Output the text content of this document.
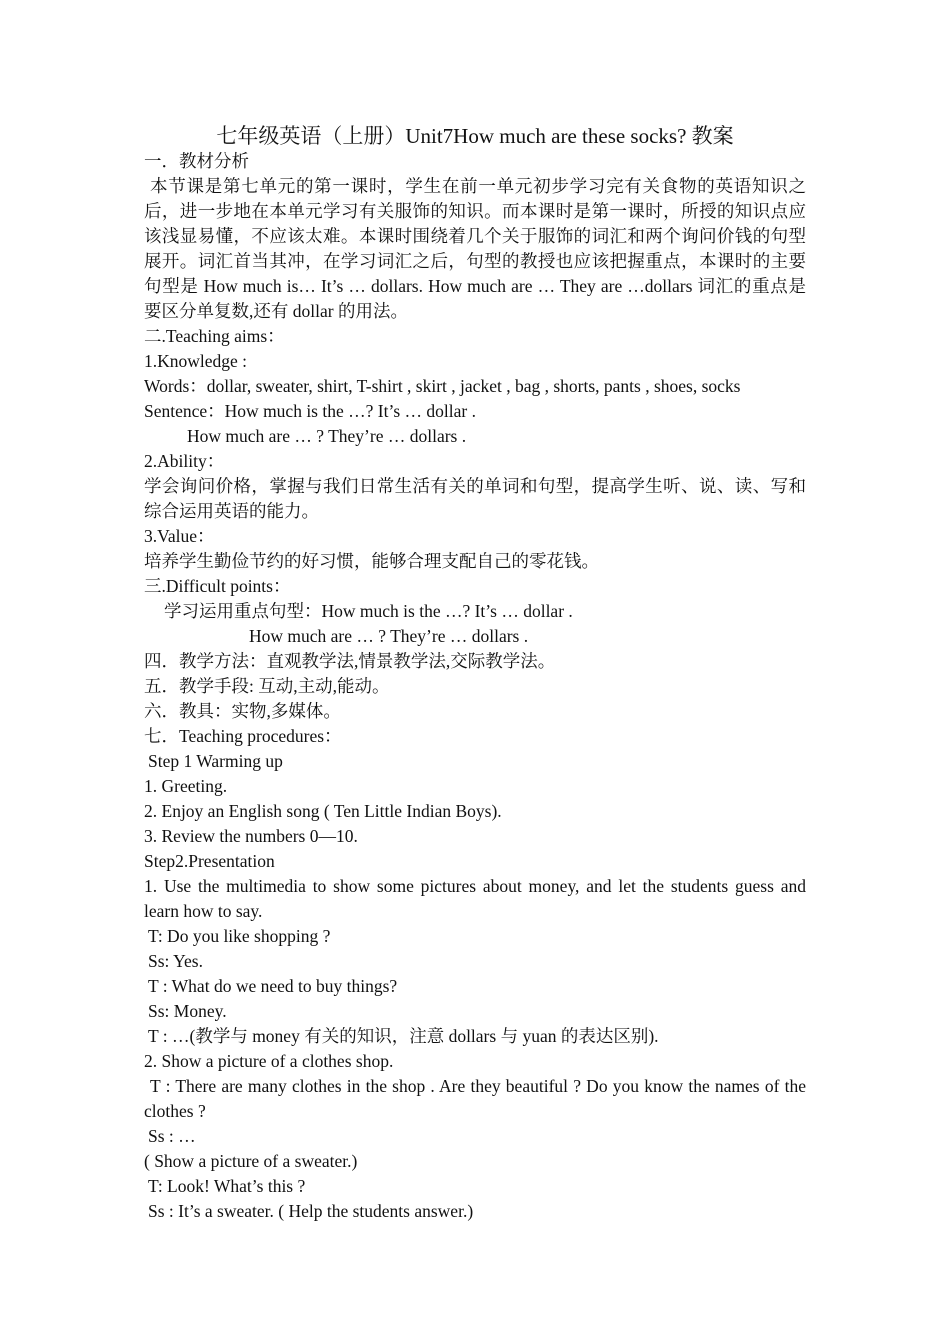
七年级英语（上册）Unit7How much are these socks? 教案
一．教材分析

本节课是第七单元的第一课时，学生在前一单元初步学习完有关食物的英语知识之后，进一步地在本单元学习有关服饰的知识。而本课时是第一课时，所授的知识点应该浅显易懂，不应该太难。本课时围绕着几个关于服饰的词汇和两个询问价钱的句型展开。词汇首当其冲，在学习词汇之后，句型的教授也应该把握重点，本课时的主要句型是 How much is… It’s … dollars. How much are … They are …dollars 词汇的重点是要区分单复数,还有 dollar 的用法。

二.Teaching aims：
1.Knowledge :
Words：dollar, sweater, shirt, T-shirt , skirt , jacket , bag , shorts, pants , shoes, socks
Sentence：How much is the …? It’s … dollar .
How much are … ? They’re … dollars .
2.Ability：

学会询问价格，掌握与我们日常生活有关的单词和句型，提高学生听、说、读、写和综合运用英语的能力。

3.Value：
培养学生勤俭节约的好习惯，能够合理支配自己的零花钱。
三.Difficult points：
学习运用重点句型：How much is the …? It’s … dollar .
How much are … ? They’re … dollars .
四．教学方法：直观教学法,情景教学法,交际教学法。
五．教学手段: 互动,主动,能动。
六．教具：实物,多媒体。
七．Teaching procedures：
Step 1 Warming up
1. Greeting.
2. Enjoy an English song ( Ten Little Indian Boys).
3. Review the numbers 0—10.
Step2.Presentation

1. Use the multimedia to show some pictures about money, and let the students guess and learn how to say.

T: Do you like shopping ?
Ss: Yes.
T : What do we need to buy things?
Ss: Money.
T : …(教学与 money 有关的知识，注意 dollars 与 yuan 的表达区别).
2. Show a picture of a clothes shop.

T : There are many clothes in the shop . Are they beautiful ? Do you know the names of the clothes ?

Ss : …
( Show a picture of a sweater.)
T: Look! What’s this ?
Ss : It’s a sweater. ( Help the students answer.)
